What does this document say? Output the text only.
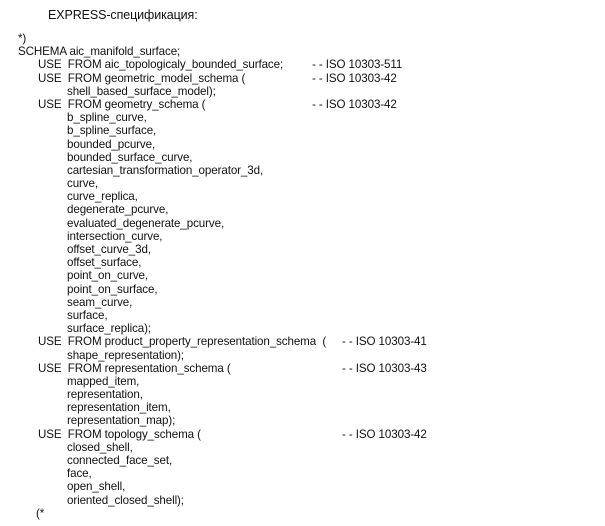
EXPRESS-спецификация:
*)
SCHEMA aic_manifold_surface;
USE  FROM aic_topologicaly_bounded_surface; - - ISO 10303-511
USE  FROM geometric_model_schema (	- - ISO 10303-42
shell_based_surface_model);
USE  FROM geometry_schema (	- - ISO 10303-42
b_spline_curve,
b_spline_surface,
bounded_pcurve,
bounded_surface_curve,
cartesian_transformation_operator_3d,
curve,
curve_replica,
degenerate_pcurve,
evaluated_degenerate_pcurve,
intersection_curve,
offset_curve_3d,
offset_surface,
point_on_curve,
point_on_surface,
seam_curve,
surface,
surface_replica);
USE  FROM product_property_representation_schema  ( - - ISO 10303-41
shape_representation);
USE  FROM representation_schema (	- - ISO 10303-43
mapped_item,
representation,
representation_item,
representation_map);
USE  FROM topology_schema (	- - ISO 10303-42
closed_shell,
connected_face_set,
face,
open_shell,
oriented_closed_shell);
(*
